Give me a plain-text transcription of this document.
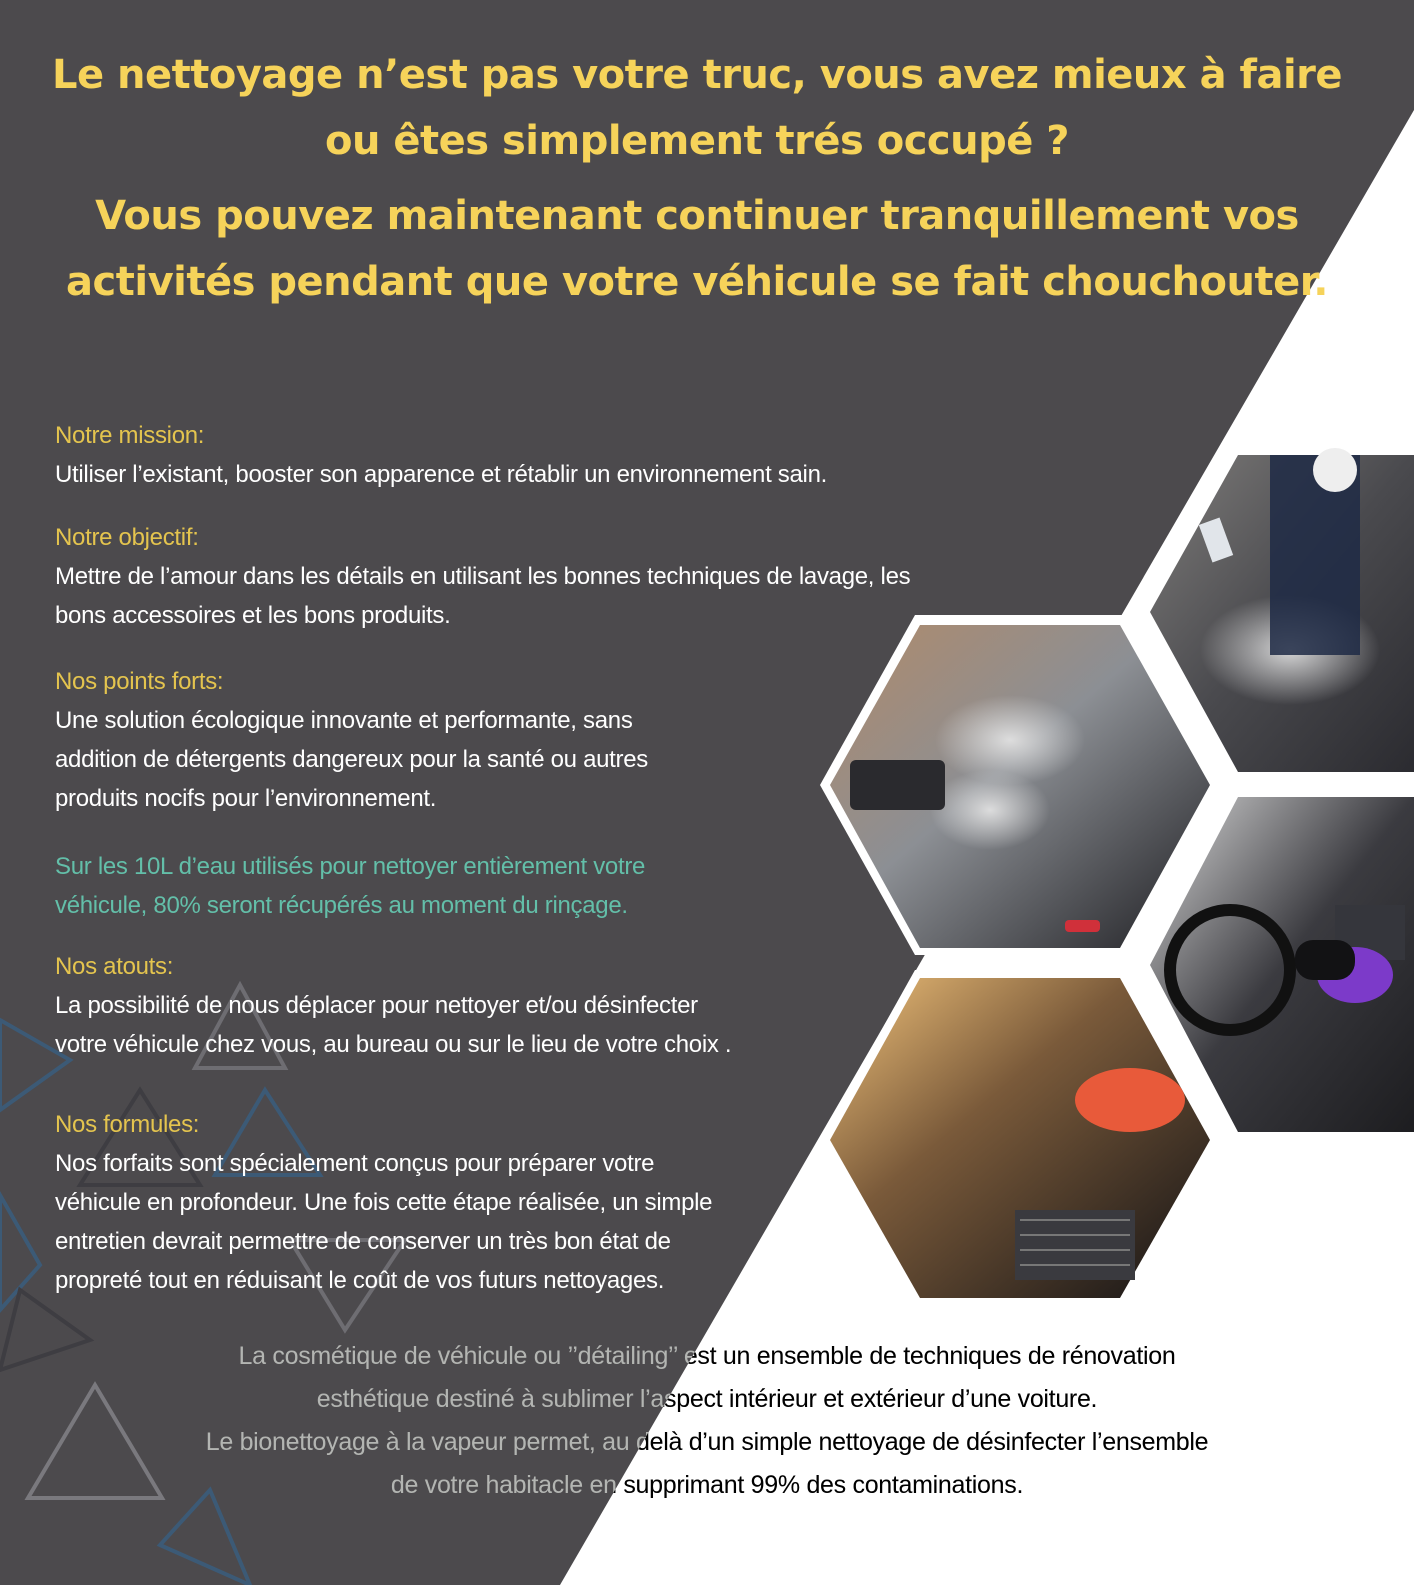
Le nettoyage n’est pas votre truc, vous avez mieux à faire ou êtes simplement trés occupé ?
Vous pouvez maintenant continuer tranquillement vos activités pendant que votre véhicule se fait chouchouter.
Notre mission:
Utiliser l’existant, booster son apparence et rétablir un environnement sain.
Notre objectif:
Mettre de l’amour dans les détails en utilisant les bonnes techniques de lavage, les
bons accessoires et les bons produits.
Nos points forts:
Une solution écologique innovante et performante, sans
addition de détergents dangereux pour la santé ou autres
produits nocifs pour l’environnement.
Sur les 10L d’eau utilisés pour nettoyer entièrement votre
véhicule, 80% seront récupérés au moment du rinçage.
Nos atouts:
La possibilité de nous déplacer pour nettoyer et/ou désinfecter
votre véhicule chez vous, au bureau ou sur le lieu de votre choix .
Nos formules:
Nos forfaits sont spécialement conçus pour préparer votre
véhicule en profondeur. Une fois cette étape réalisée, un simple
entretien devrait permettre de conserver un très bon état de
propreté tout en réduisant le coût de vos futurs nettoyages.
La cosmétique de véhicule ou ’’détailing’’ est un ensemble de techniques de rénovation
esthétique destiné à sublimer l’aspect intérieur et extérieur d’une voiture.
Le bionettoyage à la vapeur permet, au delà d’un simple nettoyage de désinfecter l’ensemble
de votre habitacle en supprimant 99% des contaminations.
